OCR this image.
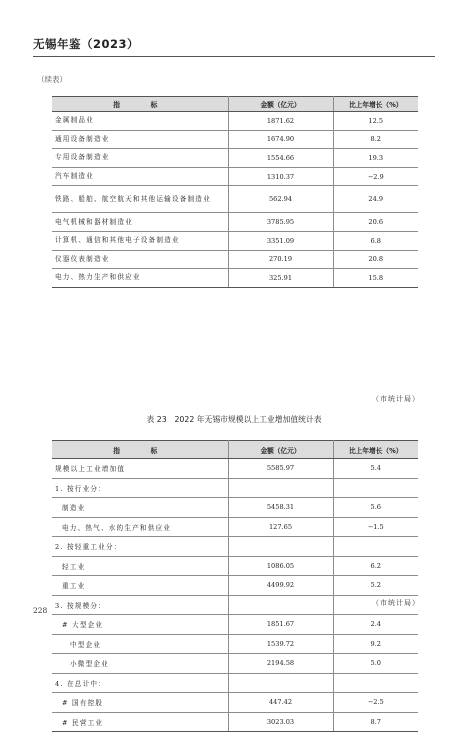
无锡年鉴（2023）
（续表）
指　标	金额（亿元）	比上年增长（%）
金属制品业	1871.62	12.5
通用设备制造业	1674.90	8.2
专用设备制造业	1554.66	19.3
汽车制造业	1310.37	−2.9
铁路、船舶、航空航天和其他运输设备制造业	562.94	24.9
电气机械和器材制造业	3785.95	20.6
计算机、通信和其他电子设备制造业	3351.09	6.8
仪器仪表制造业	270.19	20.8
电力、热力生产和供应业	325.91	15.8
（市统计局）
表 23　2022 年无锡市规模以上工业增加值统计表
指　标	金额（亿元）	比上年增长（%）
规模以上工业增加值	5585.97	5.4
1. 按行业分：		
制造业	5458.31	5.6
电力、热气、水的生产和供应业	127.65	−1.5
2. 按轻重工业分：		
轻工业	1086.05	6.2
重工业	4499.92	5.2
3. 按规模分：		
# 大型企业	1851.67	2.4
中型企业	1539.72	9.2
小微型企业	2194.58	5.0
4. 在总计中：		
# 国有控股	447.42	−2.5
# 民营工业	3023.03	8.7
（市统计局）
228
